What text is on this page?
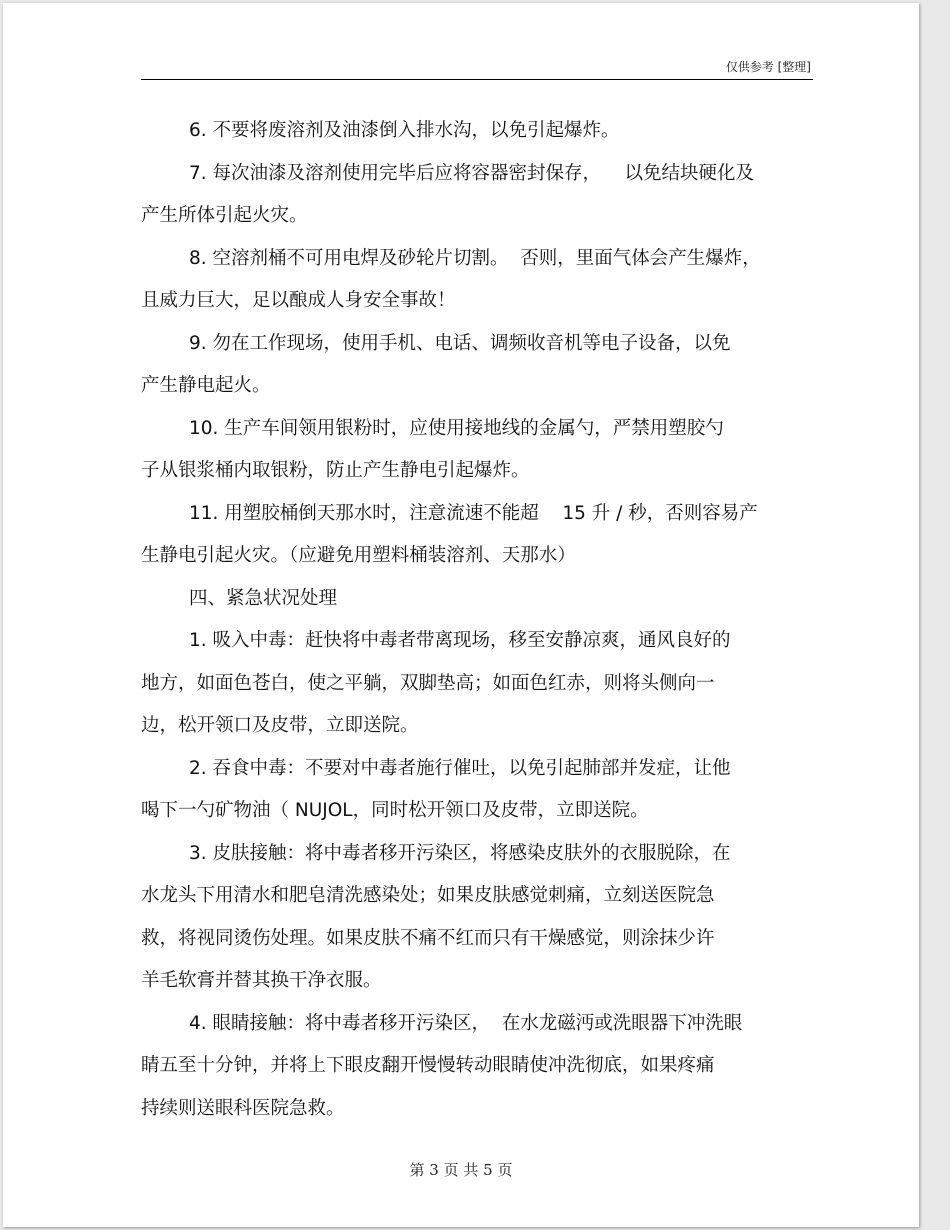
仅供参考 [整理]
6. 不要将废溶剂及油漆倒入排水沟，以免引起爆炸。
7. 每次油漆及溶剂使用完毕后应将容器密封保存，    以免结块硬化及
产生所体引起火灾。
8. 空溶剂桶不可用电焊及砂轮片切割。  否则，里面气体会产生爆炸，
且威力巨大，足以酿成人身安全事故！
9. 勿在工作现场，使用手机、电话、调频收音机等电子设备，以免
产生静电起火。
10. 生产车间领用银粉时，应使用接地线的金属勺，严禁用塑胶勺
子从银浆桶内取银粉，防止产生静电引起爆炸。
11. 用塑胶桶倒天那水时，注意流速不能超    15 升 / 秒，否则容易产
生静电引起火灾。（应避免用塑料桶装溶剂、天那水）
四、紧急状况处理
1. 吸入中毒：赶快将中毒者带离现场，移至安静凉爽，通风良好的
地方，如面色苍白，使之平躺，双脚垫高；如面色红赤，则将头侧向一
边，松开领口及皮带，立即送院。
2. 吞食中毒：不要对中毒者施行催吐，以免引起肺部并发症，让他
喝下一勺矿物油（ NUJOL，同时松开领口及皮带，立即送院。
3. 皮肤接触：将中毒者移开污染区，将感染皮肤外的衣服脱除，在
水龙头下用清水和肥皂清洗感染处；如果皮肤感觉刺痛，立刻送医院急
救，将视同烫伤处理。如果皮肤不痛不红而只有干燥感觉，则涂抹少许
羊毛软膏并替其换干净衣服。
4. 眼睛接触：将中毒者移开污染区，  在水龙磁沔或洗眼器下冲洗眼
睛五至十分钟，并将上下眼皮翻开慢慢转动眼睛使冲洗彻底，如果疼痛
持续则送眼科医院急救。
第 3 页 共 5 页
